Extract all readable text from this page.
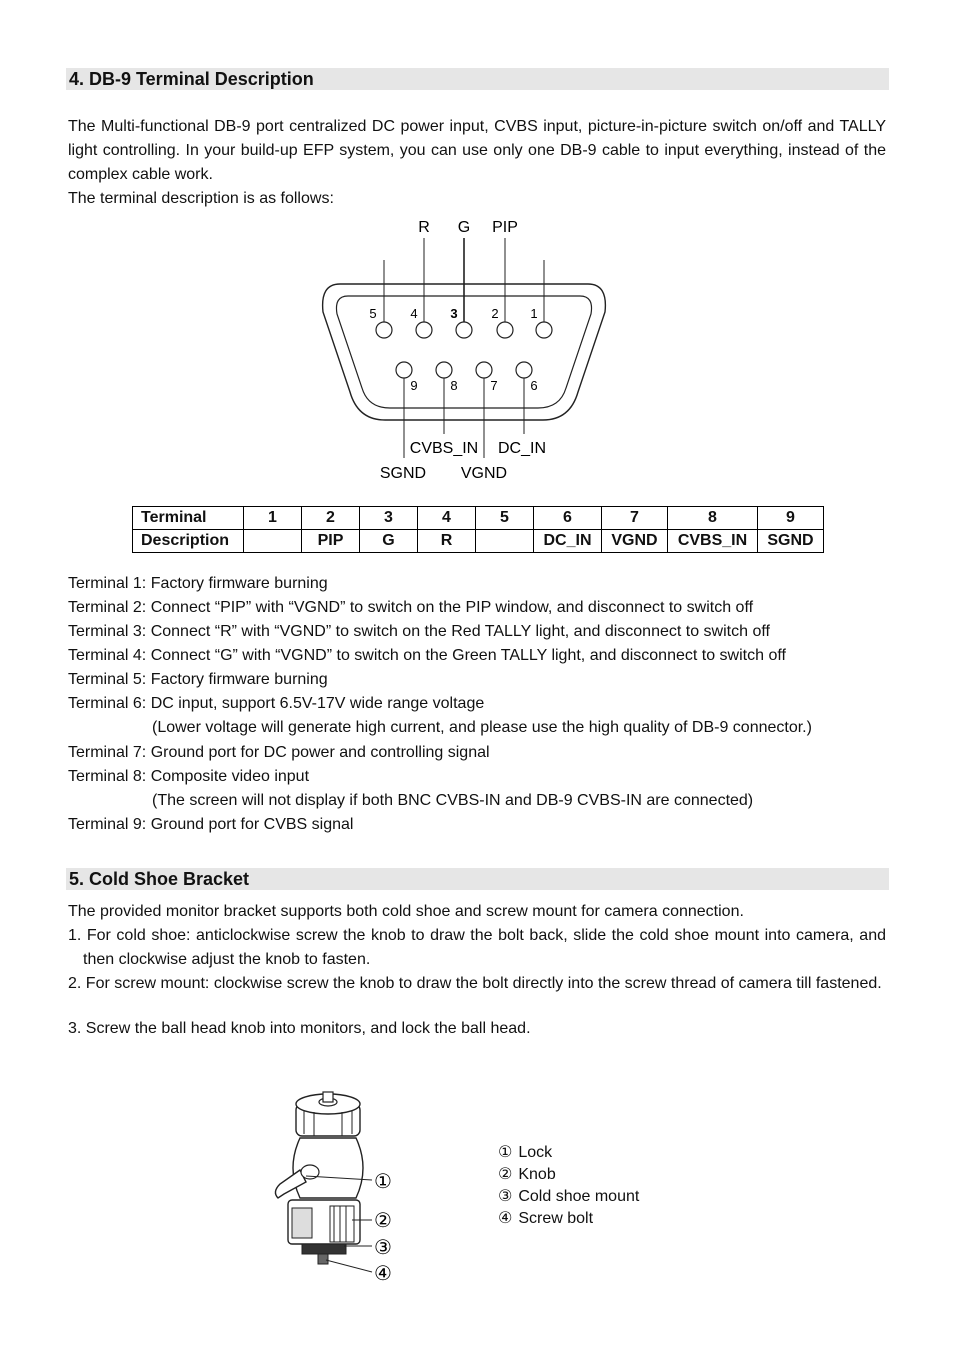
4. DB-9 Terminal Description

The Multi-functional DB-9 port centralized DC power input, CVBS input, picture-in-picture switch on/off and TALLY light controlling. In your build-up EFP system, you can use only one DB-9 cable to input everything, instead of the complex cable work.

The terminal description is as follows:
R G PIP
5	4	3	2 1
9	8	7	6
CVBS_IN DC_IN
SGND VGND
Terminal	1	2	3	4	5	6	7	8	9
Description		PIP	G	R		DC_IN	VGND	CVBS_IN	SGND
Terminal 1: Factory firmware burning
Terminal 2: Connect “PIP” with “VGND” to switch on the PIP window, and disconnect to switch off
Terminal 3: Connect “R” with “VGND” to switch on the Red TALLY light, and disconnect to switch off
Terminal 4: Connect “G” with “VGND” to switch on the Green TALLY light, and disconnect to switch off
Terminal 5: Factory firmware burning
Terminal 6: DC input, support 6.5V-17V wide range voltage
(Lower voltage will generate high current, and please use the high quality of DB-9 connector.)
Terminal 7: Ground port for DC power and controlling signal
Terminal 8: Composite video input
(The screen will not display if both BNC CVBS-IN and DB-9 CVBS-IN are connected)
Terminal 9: Ground port for CVBS signal
5. Cold Shoe Bracket
The provided monitor bracket supports both cold shoe and screw mount for camera connection.
1. For cold shoe: anticlockwise screw the knob to draw the bolt back, slide the cold shoe mount into camera, and then clockwise adjust the knob to fasten.
2. For screw mount: clockwise screw the knob to draw the bolt directly into the screw thread of camera till fastened.
3. Screw the ball head knob into monitors, and lock the ball head.
①
②
③
④
① Lock
② Knob
③ Cold shoe mount
④ Screw bolt
